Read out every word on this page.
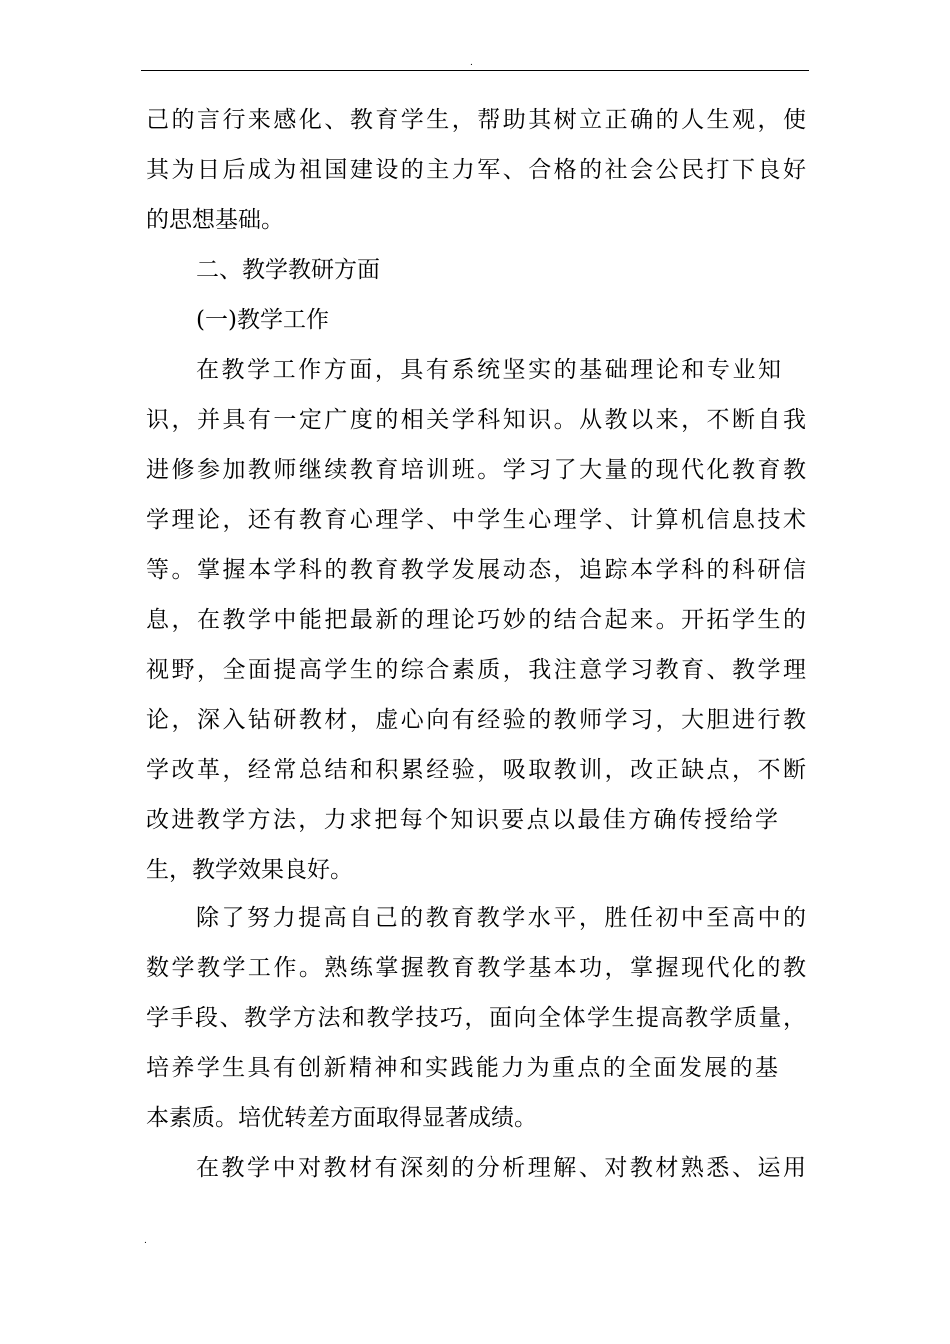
.
己的言行来感化、教育学生，帮助其树立正确的人生观，使
其为日后成为祖国建设的主力军、合格的社会公民打下良好
的思想基础。
二、教学教研方面
(一)教学工作
在教学工作方面，具有系统坚实的基础理论和专业知
识，并具有一定广度的相关学科知识。从教以来，不断自我
进修参加教师继续教育培训班。学习了大量的现代化教育教
学理论，还有教育心理学、中学生心理学、计算机信息技术
等。掌握本学科的教育教学发展动态，追踪本学科的科研信
息，在教学中能把最新的理论巧妙的结合起来。开拓学生的
视野，全面提高学生的综合素质，我注意学习教育、教学理
论，深入钻研教材，虚心向有经验的教师学习，大胆进行教
学改革，经常总结和积累经验，吸取教训，改正缺点，不断
改进教学方法，力求把每个知识要点以最佳方确传授给学
生，教学效果良好。
除了努力提高自己的教育教学水平，胜任初中至高中的
数学教学工作。熟练掌握教育教学基本功，掌握现代化的教
学手段、教学方法和教学技巧，面向全体学生提高教学质量，
培养学生具有创新精神和实践能力为重点的全面发展的基
本素质。培优转差方面取得显著成绩。
在教学中对教材有深刻的分析理解、对教材熟悉、运用
.
